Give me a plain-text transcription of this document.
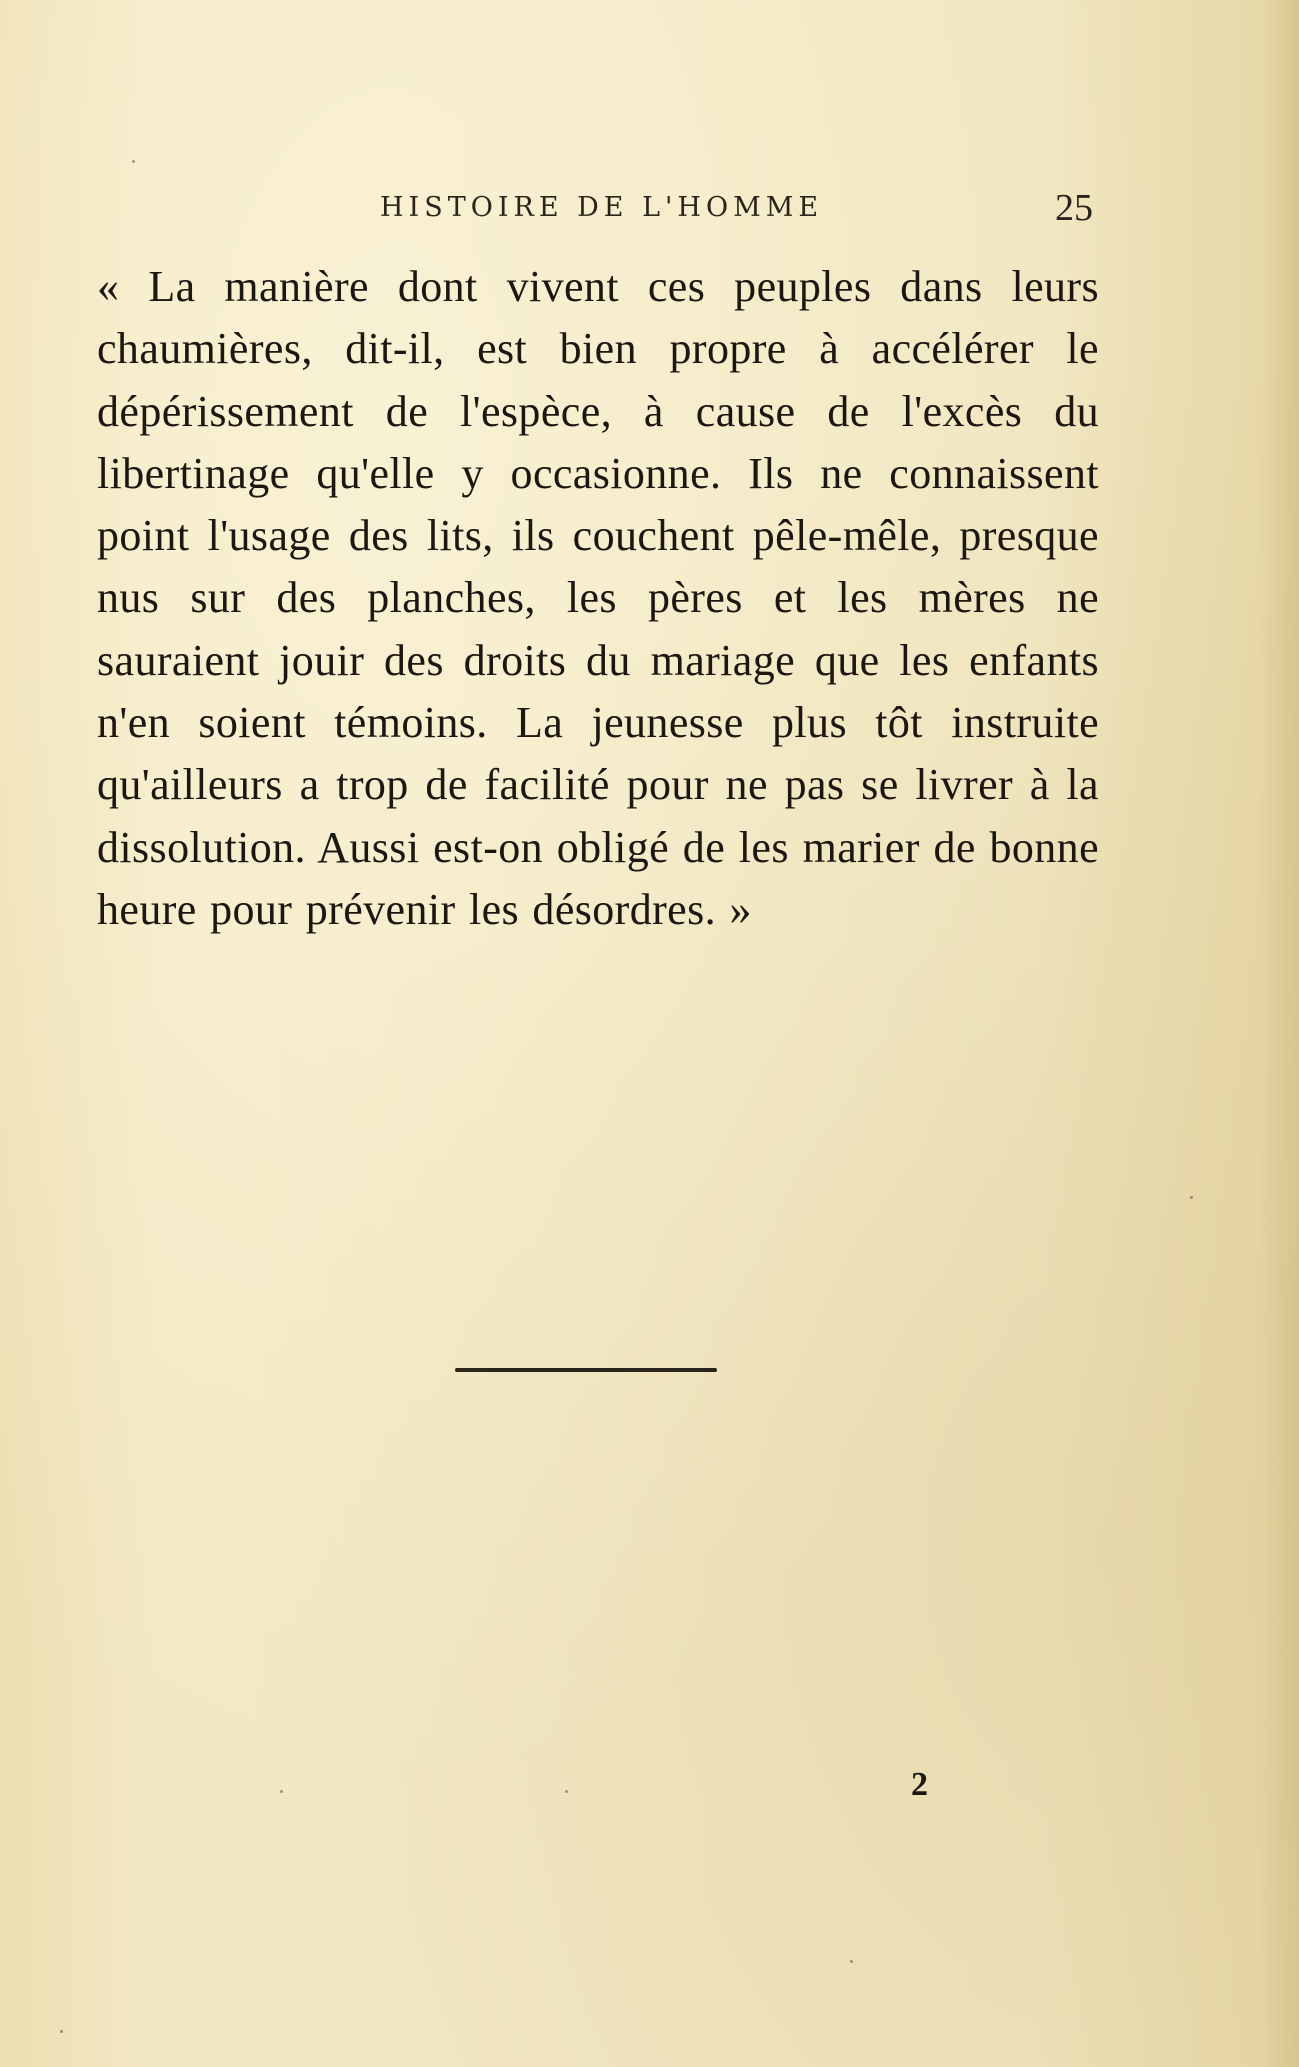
HISTOIRE DE L'HOMME	25

« La manière dont vivent ces peuples dans leurs chaumières, dit-il, est bien propre à accélérer le dépérissement de l'espèce, à cause de l'excès du libertinage qu'elle y occasionne. Ils ne connaissent point l'usage des lits, ils couchent pêle-mêle, presque nus sur des planches, les pères et les mères ne sauraient jouir des droits du mariage que les enfants n'en soient témoins. La jeunesse plus tôt instruite qu'ailleurs a trop de facilité pour ne pas se livrer à la dissolution. Aussi est-on obligé de les marier de bonne heure pour prévenir les désordres. »

2
